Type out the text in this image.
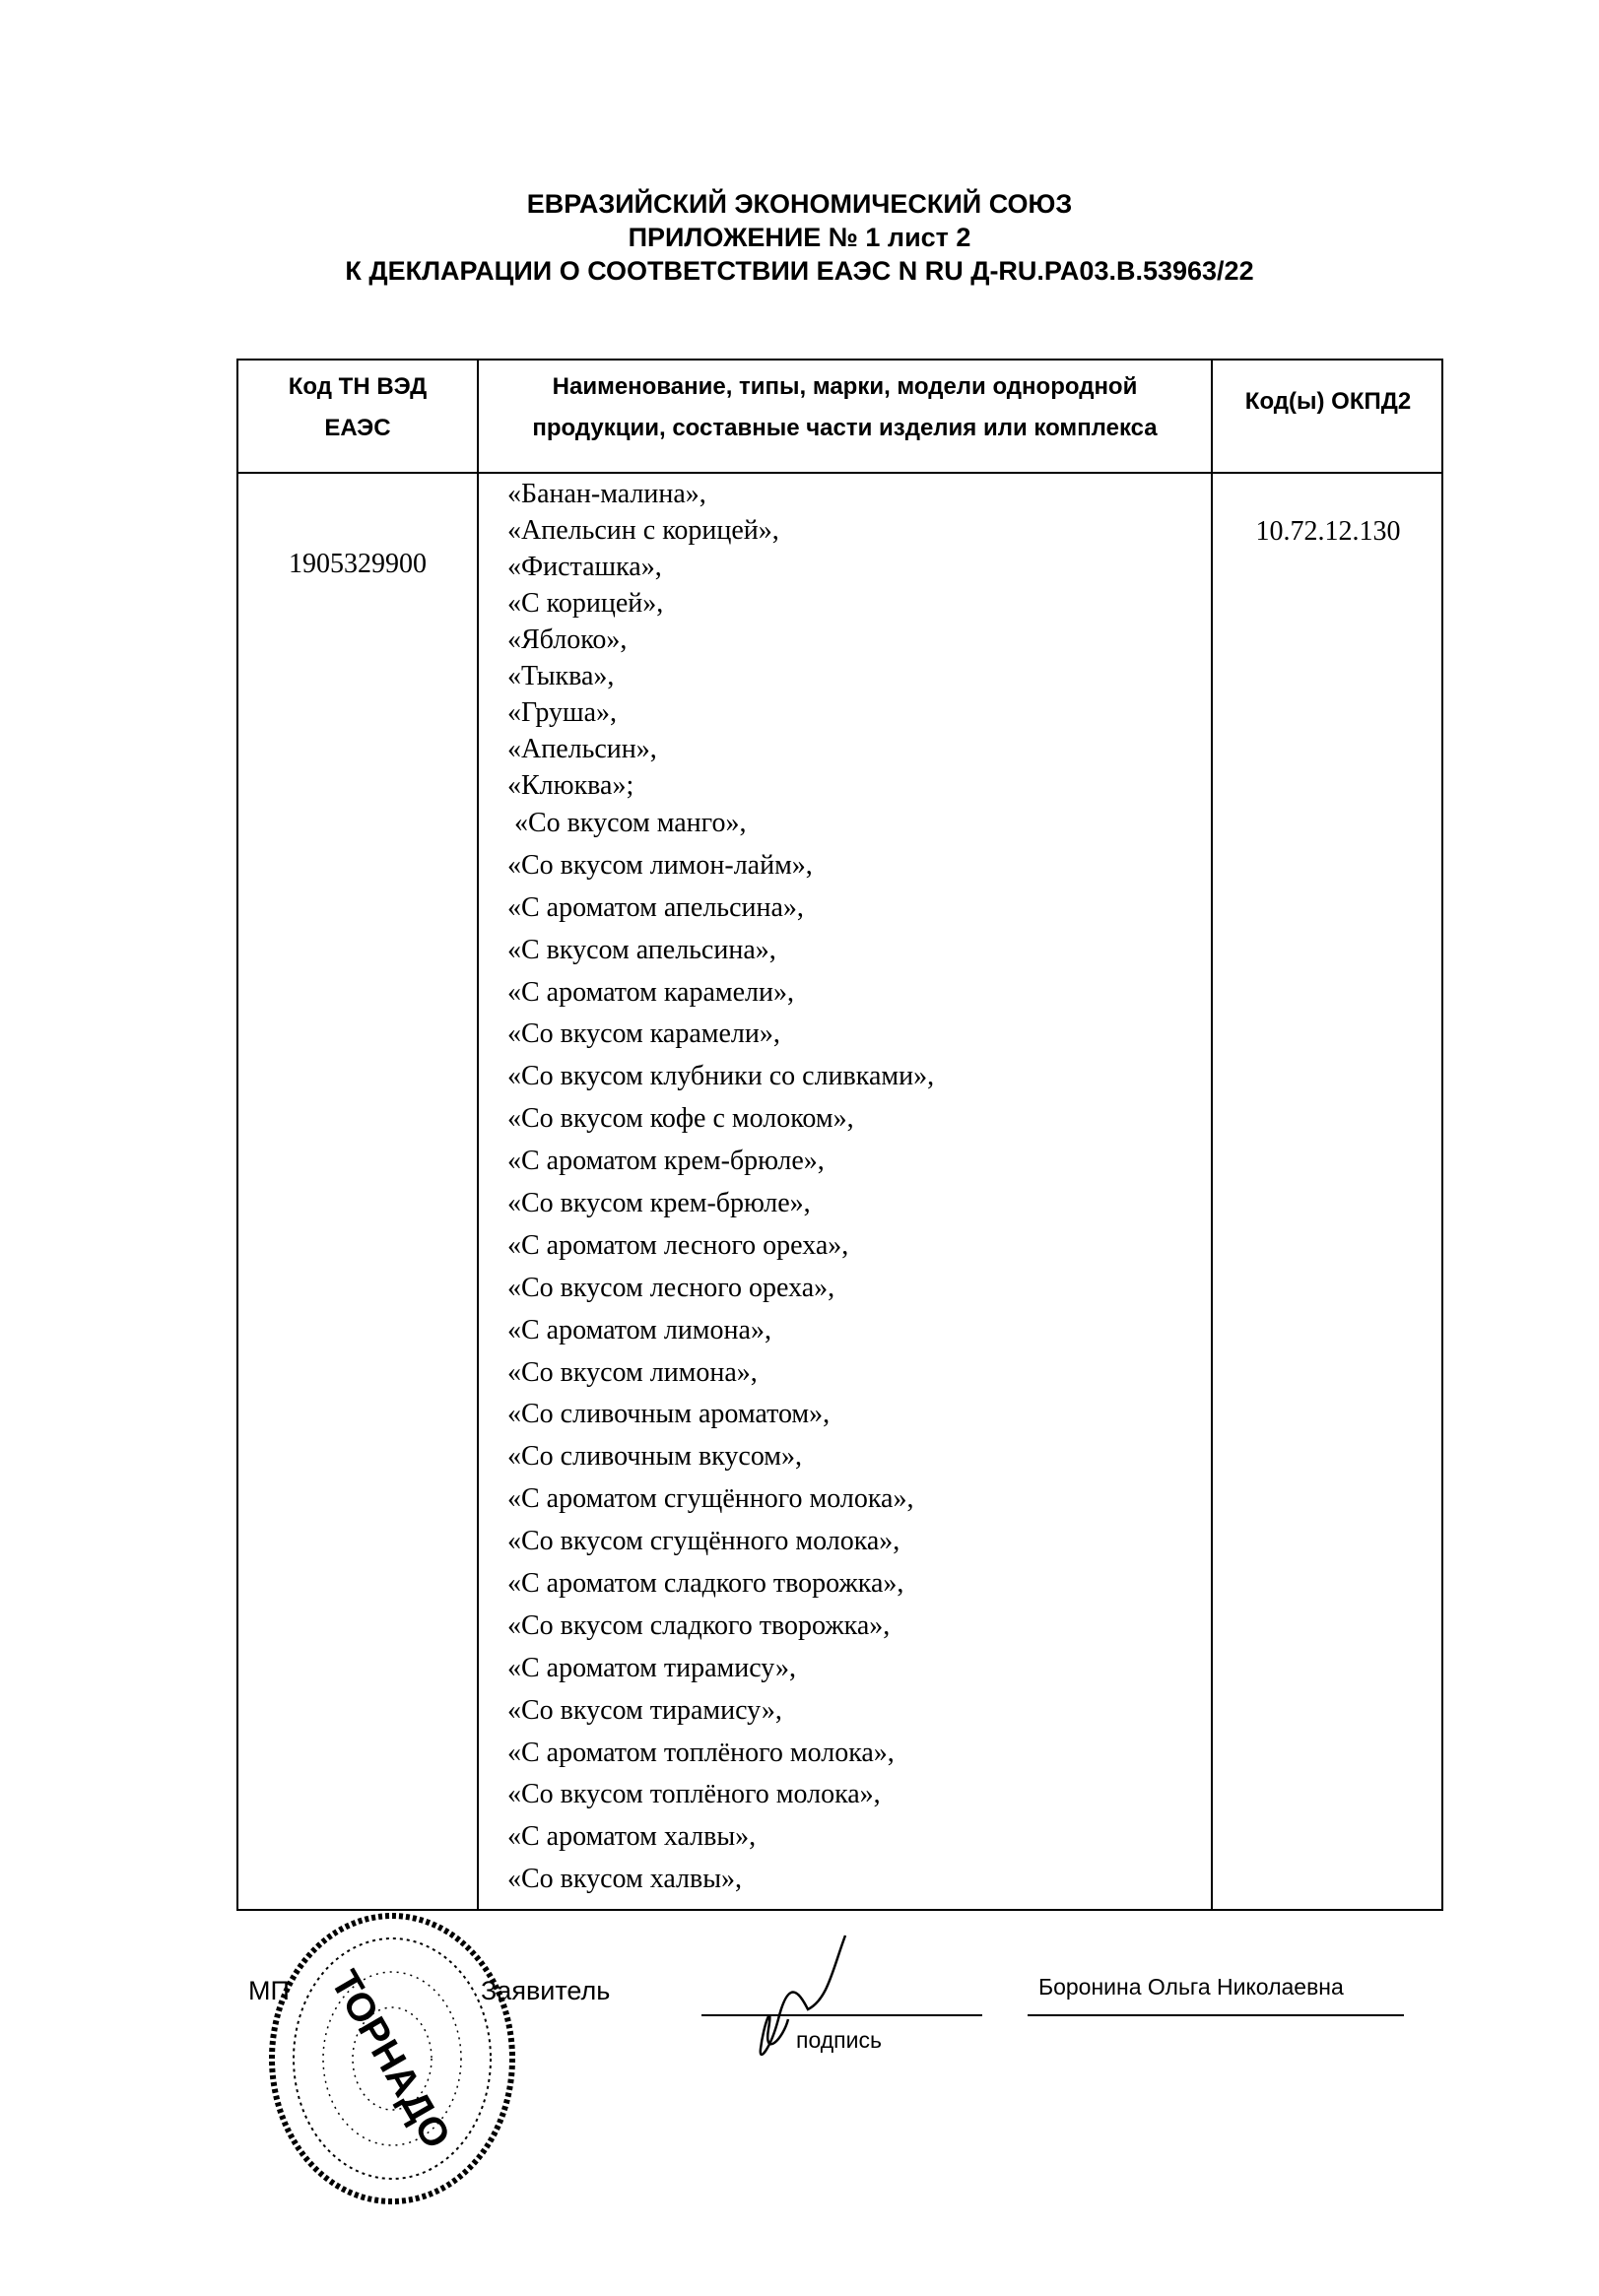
ЕВРАЗИЙСКИЙ ЭКОНОМИЧЕСКИЙ СОЮЗ
ПРИЛОЖЕНИЕ № 1 лист 2
К ДЕКЛАРАЦИИ О СООТВЕТСТВИИ ЕАЭС N RU Д-RU.PA03.B.53963/22
Код ТН ВЭД
ЕАЭС
Наименование, типы, марки, модели однородной
продукции, составные части изделия или комплекса
Код(ы) ОКПД2
1905329900
10.72.12.130
«Банан-малина»,
«Апельсин с корицей»,
«Фисташка»,
«С корицей»,
«Яблоко»,
«Тыква»,
«Груша»,
«Апельсин»,
«Клюква»;
«Со вкусом манго»,
«Со вкусом лимон-лайм»,
«С ароматом апельсина»,
«С вкусом апельсина»,
«С ароматом карамели»,
«Со вкусом карамели»,
«Со вкусом клубники со сливками»,
«Со вкусом кофе с молоком»,
«С ароматом крем-брюле»,
«Со вкусом крем-брюле»,
«С ароматом лесного ореха»,
«Со вкусом лесного ореха»,
«С ароматом лимона»,
«Со вкусом лимона»,
«Со сливочным ароматом»,
«Со сливочным вкусом»,
«С ароматом сгущённого молока»,
«Со вкусом сгущённого молока»,
«С ароматом сладкого творожка»,
«Со вкусом сладкого творожка»,
«С ароматом тирамису»,
«Со вкусом тирамису»,
«С ароматом топлёного молока»,
«Со вкусом топлёного молока»,
«С ароматом халвы»,
«Со вкусом халвы»,
ТОРНАДО
МП	Заявитель
подпись
Боронина Ольга Николаевна
